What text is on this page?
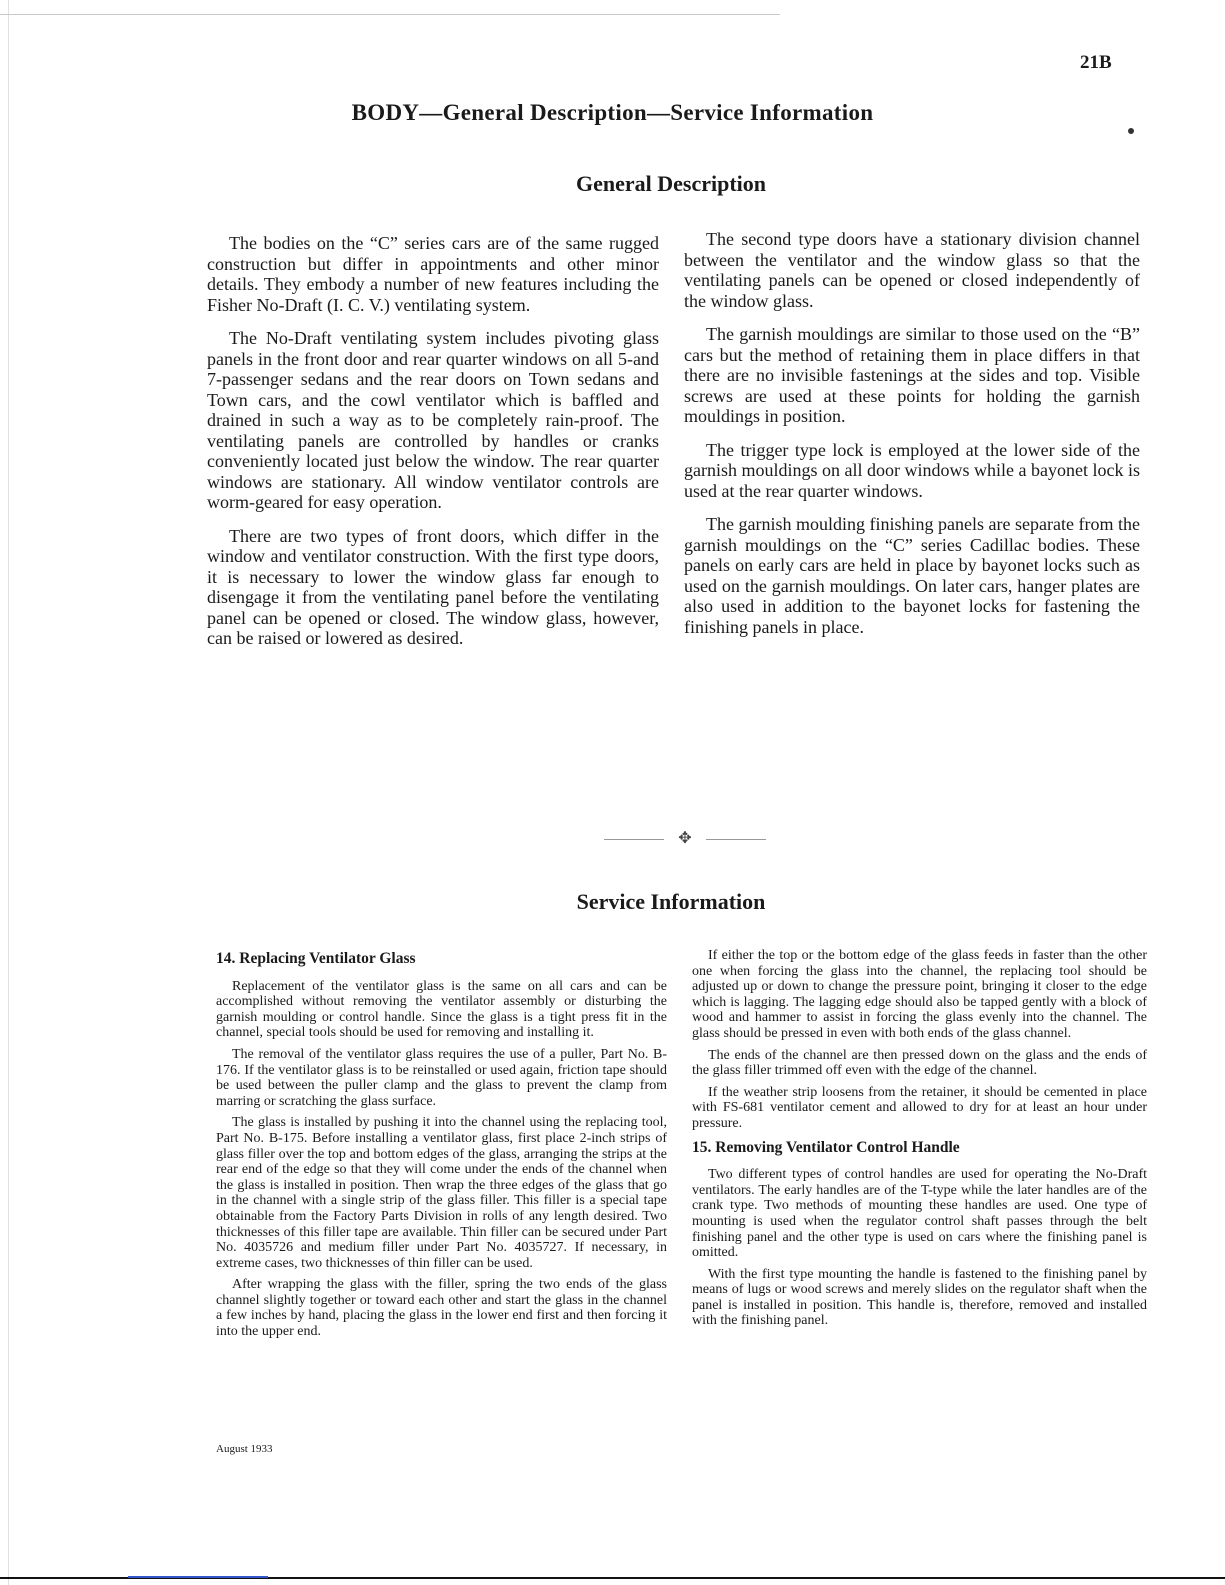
21B
BODY—General Description—Service Information
General Description

The bodies on the “C” series cars are of the same rugged construction but differ in appointments and other minor details. They embody a number of new features including the Fisher No-Draft (I. C. V.) ventilating system.

The No-Draft ventilating system includes pivoting glass panels in the front door and rear quarter windows on all 5-and 7-passenger sedans and the rear doors on Town sedans and Town cars, and the cowl ventilator which is baffled and drained in such a way as to be completely rain-proof. The ventilating panels are controlled by handles or cranks conveniently located just below the window. The rear quarter windows are stationary. All window ventilator controls are worm-geared for easy operation.

There are two types of front doors, which differ in the window and ventilator construction. With the first type doors, it is necessary to lower the window glass far enough to disengage it from the ventilating panel before the ventilating panel can be opened or closed. The window glass, however, can be raised or lowered as desired.

The second type doors have a stationary division channel between the ventilator and the window glass so that the ventilating panels can be opened or closed independently of the window glass.

The garnish mouldings are similar to those used on the “B” cars but the method of retaining them in place differs in that there are no invisible fastenings at the sides and top. Visible screws are used at these points for holding the garnish mouldings in position.

The trigger type lock is employed at the lower side of the garnish mouldings on all door windows while a bayonet lock is used at the rear quarter windows.

The garnish moulding finishing panels are separate from the garnish mouldings on the “C” series Cadillac bodies. These panels on early cars are held in place by bayonet locks such as used on the garnish mouldings. On later cars, hanger plates are also used in addition to the bayonet locks for fastening the finishing panels in place.

✥
Service Information
14. Replacing Ventilator Glass

Replacement of the ventilator glass is the same on all cars and can be accomplished without removing the ventilator assembly or disturbing the garnish moulding or control handle. Since the glass is a tight press fit in the channel, special tools should be used for removing and installing it.

The removal of the ventilator glass requires the use of a puller, Part No. B-176. If the ventilator glass is to be reinstalled or used again, friction tape should be used between the puller clamp and the glass to prevent the clamp from marring or scratching the glass surface.

The glass is installed by pushing it into the channel using the replacing tool, Part No. B-175. Before installing a ventilator glass, first place 2-inch strips of glass filler over the top and bottom edges of the glass, arranging the strips at the rear end of the edge so that they will come under the ends of the channel when the glass is installed in position. Then wrap the three edges of the glass that go in the channel with a single strip of the glass filler. This filler is a special tape obtainable from the Factory Parts Division in rolls of any length desired. Two thicknesses of this filler tape are available. Thin filler can be secured under Part No. 4035726 and medium filler under Part No. 4035727. If necessary, in extreme cases, two thicknesses of thin filler can be used.

After wrapping the glass with the filler, spring the two ends of the glass channel slightly together or toward each other and start the glass in the channel a few inches by hand, placing the glass in the lower end first and then forcing it into the upper end.

If either the top or the bottom edge of the glass feeds in faster than the other one when forcing the glass into the channel, the replacing tool should be adjusted up or down to change the pressure point, bringing it closer to the edge which is lagging. The lagging edge should also be tapped gently with a block of wood and hammer to assist in forcing the glass evenly into the channel. The glass should be pressed in even with both ends of the glass channel.

The ends of the channel are then pressed down on the glass and the ends of the glass filler trimmed off even with the edge of the channel.

If the weather strip loosens from the retainer, it should be cemented in place with FS-681 ventilator cement and allowed to dry for at least an hour under pressure.

15. Removing Ventilator Control Handle

Two different types of control handles are used for operating the No-Draft ventilators. The early handles are of the T-type while the later handles are of the crank type. Two methods of mounting these handles are used. One type of mounting is used when the regulator control shaft passes through the belt finishing panel and the other type is used on cars where the finishing panel is omitted.

With the first type mounting the handle is fastened to the finishing panel by means of lugs or wood screws and merely slides on the regulator shaft when the panel is installed in position. This handle is, therefore, removed and installed with the finishing panel.

August 1933
